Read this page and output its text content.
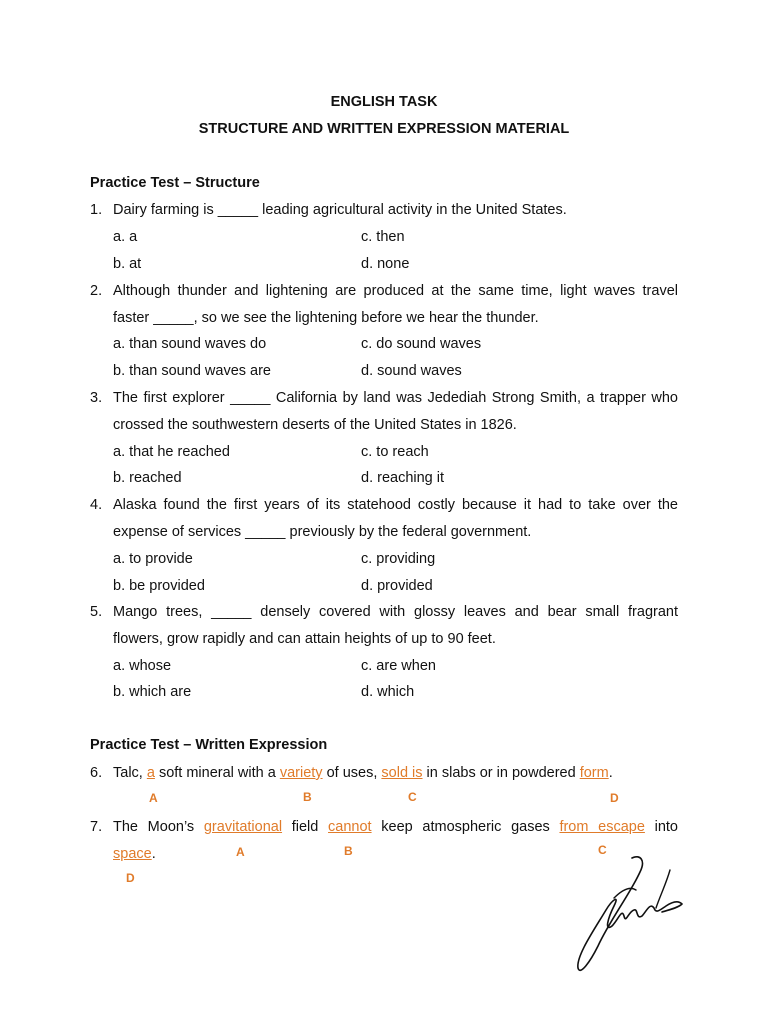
ENGLISH TASK
STRUCTURE AND WRITTEN EXPRESSION MATERIAL
Practice Test – Structure
1. Dairy farming is _____ leading agricultural activity in the United States.
a. a	c. then
b. at	d. none
2. Although thunder and lightening are produced at the same time, light waves travel
faster _____, so we see the lightening before we hear the thunder.
a. than sound waves do	c. do sound waves
b. than sound waves are	d. sound waves
3. The first explorer _____ California by land was Jedediah Strong Smith, a trapper who
crossed the southwestern deserts of the United States in 1826.
a. that he reached	c. to reach
b. reached	d. reaching it
4. Alaska found the first years of its statehood costly because it had to take over the
expense of services _____ previously by the federal government.
a. to provide	c. providing
b. be provided	d. provided
5. Mango trees, _____ densely covered with glossy leaves and bear small fragrant
flowers, grow rapidly and can attain heights of up to 90 feet.
a. whose	c. are when
b. which are	d. which
Practice Test – Written Expression
6. Talc, a soft mineral with a variety of uses, sold is in slabs or in powdered form.
A	B	C	D
7. The Moon’s gravitational field cannot keep atmospheric gases from escape into
space.	A	B	C
D
